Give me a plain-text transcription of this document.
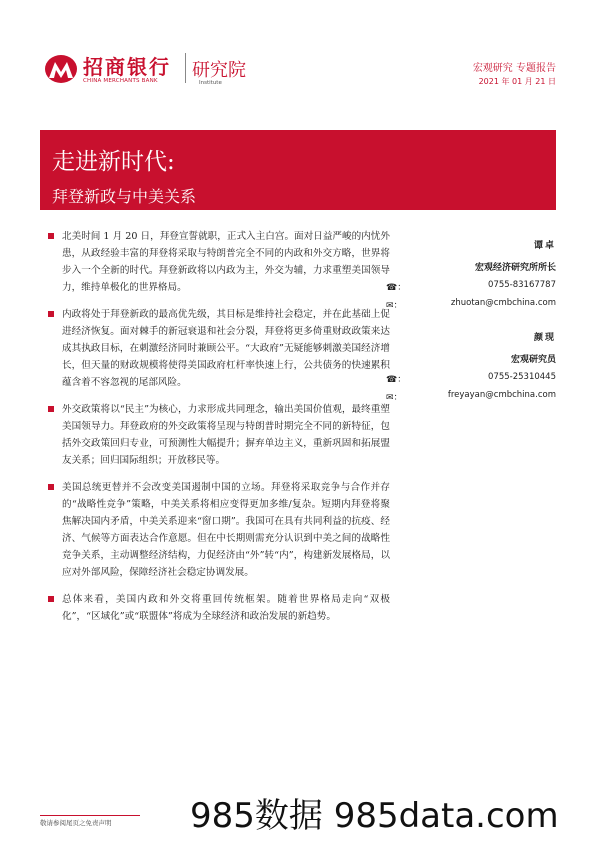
招商银行
CHINA MERCHANTS BANK 研究院
Institute
宏观研究 专题报告
2021 年 01 月 21 日
走进新时代:
拜登新政与中美关系
北美时间 1 月 20 日，拜登宣誓就职，正式入主白宫。面对日益严峻的内忧外患，从政经验丰富的拜登将采取与特朗普完全不同的内政和外交方略，世界将步入一个全新的时代。拜登新政将以内政为主，外交为辅，力求重塑美国领导力，维持单极化的世界格局。
内政将处于拜登新政的最高优先级，其目标是维持社会稳定，并在此基础上促进经济恢复。面对棘手的新冠衰退和社会分裂，拜登将更多倚重财政政策来达成其执政目标，在刺激经济同时兼顾公平。“大政府”无疑能够刺激美国经济增长，但天量的财政规模将使得美国政府杠杆率快速上行，公共债务的快速累积蕴含着不容忽视的尾部风险。
外交政策将以“民主”为核心，力求形成共同理念，输出美国价值观，最终重塑美国领导力。拜登政府的外交政策将呈现与特朗普时期完全不同的新特征，包括外交政策回归专业，可预测性大幅提升；摒弃单边主义，重新巩固和拓展盟友关系；回归国际组织；开放移民等。
美国总统更替并不会改变美国遏制中国的立场。拜登将采取竞争与合作并存的“战略性竞争”策略，中美关系将相应变得更加多维/复杂。短期内拜登将聚焦解决国内矛盾，中美关系迎来“窗口期”。我国可在具有共同利益的抗疫、经济、气候等方面表达合作意愿。但在中长期则需充分认识到中美之间的战略性竞争关系，主动调整经济结构，力促经济由“外”转“内”，构建新发展格局，以应对外部风险，保障经济社会稳定协调发展。
总体来看，美国内政和外交将重回传统框架。随着世界格局走向“双极化”，“区域化”或“联盟体”将成为全球经济和政治发展的新趋势。
谭卓
宏观经济研究所所长
☎：	0755-83167787
✉：	zhuotan@cmbchina.com
颜现
宏观研究员
☎：	0755-25310445
✉：	freyayan@cmbchina.com
985数据 985data.com
敬请参阅尾页之免责声明
